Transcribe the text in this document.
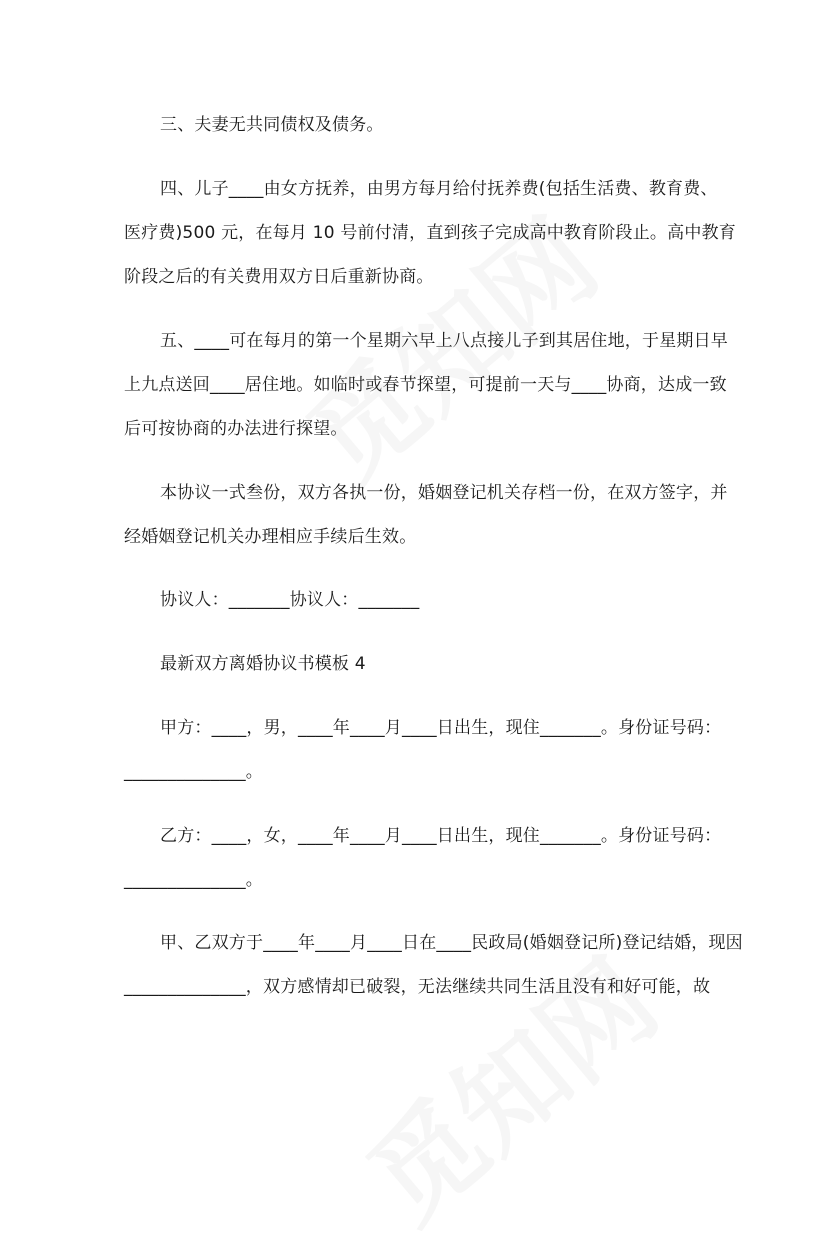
三、夫妻无共同债权及债务。
四、儿子____由女方抚养，由男方每月给付抚养费(包括生活费、教育费、
医疗费)500 元，在每月 10 号前付清，直到孩子完成高中教育阶段止。高中教育
阶段之后的有关费用双方日后重新协商。
五、____可在每月的第一个星期六早上八点接儿子到其居住地，于星期日早
上九点送回____居住地。如临时或春节探望，可提前一天与____协商，达成一致
后可按协商的办法进行探望。
本协议一式叁份，双方各执一份，婚姻登记机关存档一份，在双方签字，并
经婚姻登记机关办理相应手续后生效。
协议人：_______协议人：_______
最新双方离婚协议书模板 4
甲方：____，男，____年____月____日出生，现住_______。身份证号码：
______________。
乙方：____，女，____年____月____日出生，现住_______。身份证号码：
______________。
甲、乙双方于____年____月____日在____民政局(婚姻登记所)登记结婚，现因
______________，双方感情却已破裂，无法继续共同生活且没有和好可能，故
